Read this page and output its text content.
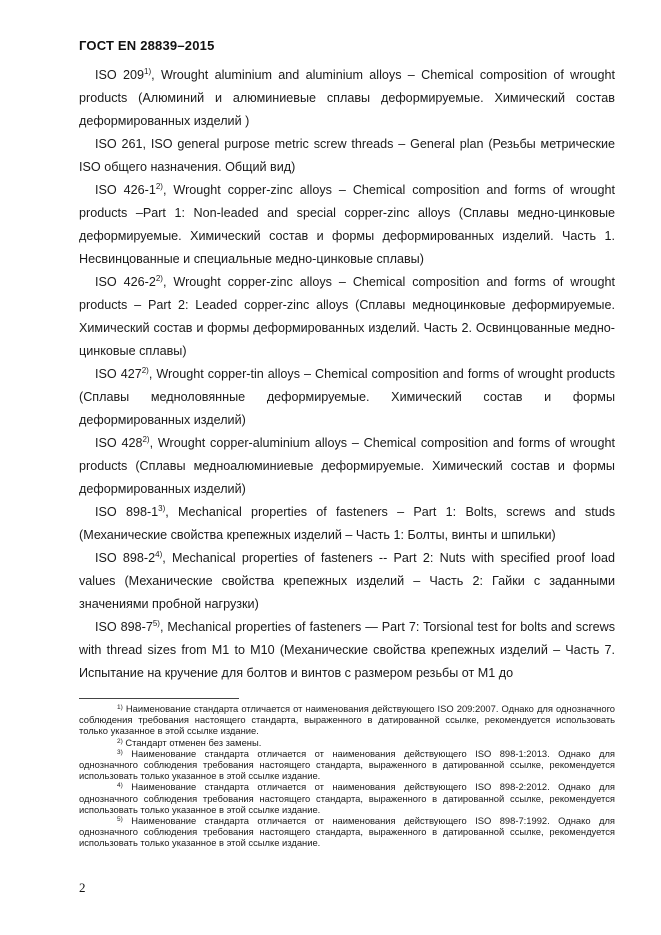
ГОСТ EN 28839–2015

ISO 209$^{1)}$, Wrought aluminium and aluminium alloys – Chemical composition of wrought products (Алюминий и алюминиевые сплавы деформируемые. Химический состав деформированных изделий )

ISO 261, ISO general purpose metric screw threads – General plan (Резьбы метрические ISO общего назначения. Общий вид)

ISO 426-1$^{2)}$, Wrought copper-zinc alloys – Chemical composition and forms of wrought products –Part 1: Non-leaded and special copper-zinc alloys (Сплавы медно-цинковые деформируемые. Химический состав и формы деформированных изделий. Часть 1. Несвинцованные и специальные медно-цинковые сплавы)

ISO 426-2$^{2)}$, Wrought copper-zinc alloys – Chemical composition and forms of wrought products – Part 2: Leaded copper-zinc alloys (Сплавы медноцинковые деформируемые. Химический состав и формы деформированных изделий. Часть 2. Освинцованные медно-цинковые сплавы)

ISO 427$^{2)}$, Wrought copper-tin alloys – Chemical composition and forms of wrought products (Сплавы медноловянные деформируемые. Химический состав и формы деформированных изделий)

ISO 428$^{2)}$, Wrought copper-aluminium alloys – Chemical composition and forms of wrought products (Сплавы медноалюминиевые деформируемые. Химический состав и формы деформированных изделий)

ISO 898-1$^{3)}$, Mechanical properties of fasteners – Part 1: Bolts, screws and studs (Механические свойства крепежных изделий – Часть 1: Болты, винты и шпильки)

ISO 898-2$^{4)}$, Mechanical properties of fasteners -- Part 2: Nuts with specified proof load values (Механические свойства крепежных изделий – Часть 2: Гайки с заданными значениями пробной нагрузки)

ISO 898-7$^{5)}$, Mechanical properties of fasteners — Part 7: Torsional test for bolts and screws with thread sizes from M1 to M10 (Механические свойства крепежных изделий – Часть 7. Испытание на кручение для болтов и винтов с размером резьбы от М1 до

$^{1)}$ Наименование стандарта отличается от наименования действующего ISO 209:2007. Однако для однозначного соблюдения требования настоящего стандарта, выраженного в датированной ссылке, рекомендуется использовать только указанное в этой ссылке издание.

$^{2)}$ Стандарт отменен без замены.

$^{3)}$ Наименование стандарта отличается от наименования действующего ISO 898-1:2013. Однако для однозначного соблюдения требования настоящего стандарта, выраженного в датированной ссылке, рекомендуется использовать только указанное в этой ссылке издание.

$^{4)}$ Наименование стандарта отличается от наименования действующего ISO 898-2:2012. Однако для однозначного соблюдения требования настоящего стандарта, выраженного в датированной ссылке, рекомендуется использовать только указанное в этой ссылке издание.

$^{5)}$ Наименование стандарта отличается от наименования действующего ISO 898-7:1992. Однако для однозначного соблюдения требования настоящего стандарта, выраженного в датированной ссылке, рекомендуется использовать только указанное в этой ссылке издание.

2
